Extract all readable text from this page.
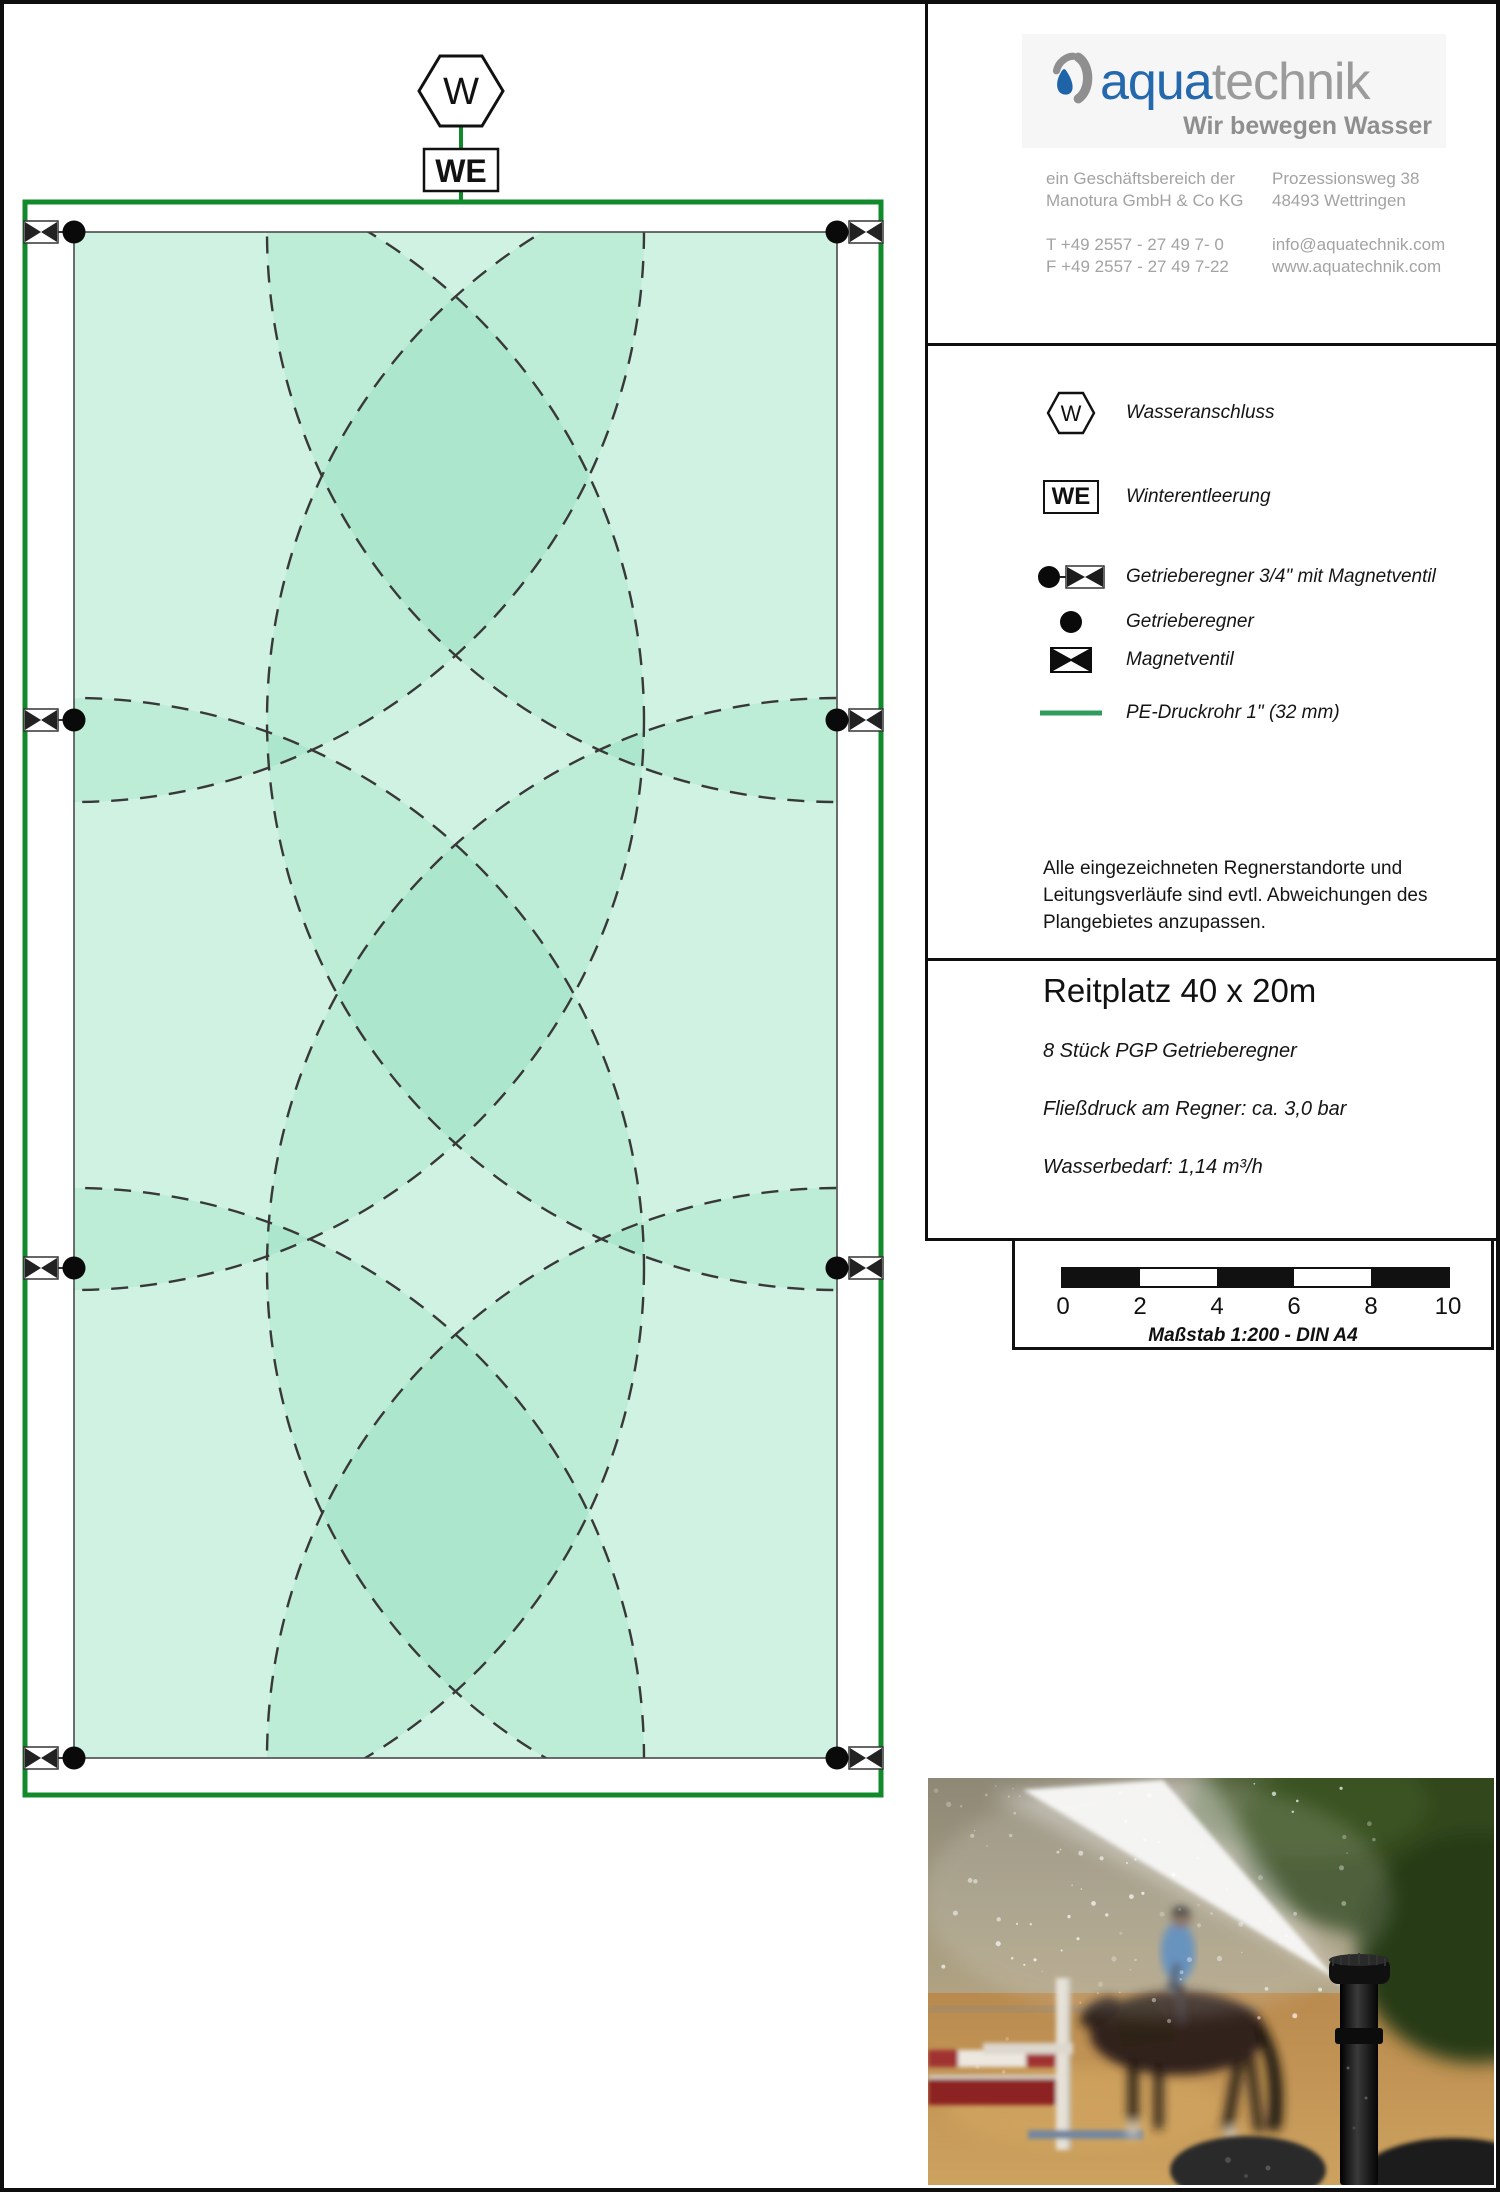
W
WE
aquatechnik
Wir bewegen Wasser
ein Geschäftsbereich der
Manotura GmbH & Co KG
Prozessionsweg 38
48493 Wettringen
T +49 2557 - 27 49 7- 0
F +49 2557 - 27 49 7-22
info@aquatechnik.com
www.aquatechnik.com
W Wasseranschluss
WE	Winterentleerung
Getrieberegner 3/4" mit Magnetventil
Getrieberegner
Magnetventil
PE-Druckrohr 1" (32 mm)
Alle eingezeichneten Regnerstandorte und
Leitungsverläufe sind evtl. Abweichungen des
Plangebietes anzupassen.
Reitplatz 40 x 20m
8 Stück PGP Getrieberegner
Fließdruck am Regner: ca. 3,0 bar
Wasserbedarf: 1,14 m³/h
0	2	4	6	8 10
Maßstab 1:200 - DIN A4
